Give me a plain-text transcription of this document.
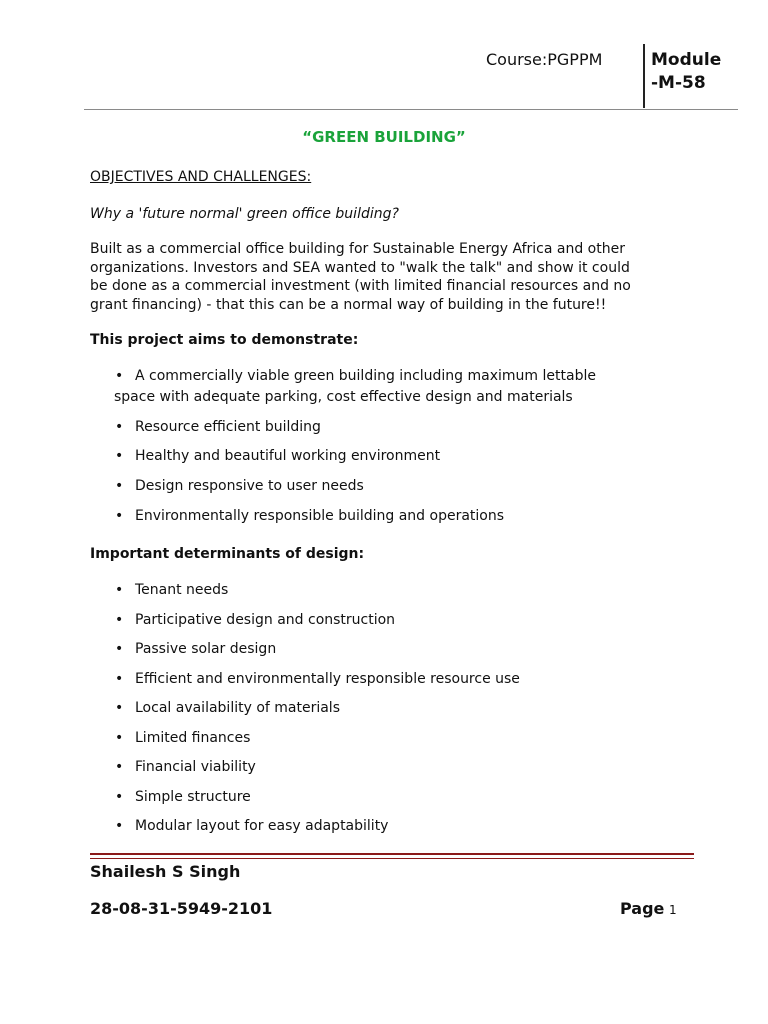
Course:PGPPM	Module
-M-58
“GREEN BUILDING”
OBJECTIVES AND CHALLENGES:
Why a 'future normal' green office building?
Built as a commercial office building for Sustainable Energy Africa and other
organizations. Investors and SEA wanted to "walk the talk" and show it could
be done as a commercial investment (with limited financial resources and no
grant financing) - that this can be a normal way of building in the future!!
This project aims to demonstrate:
• A commercially viable green building including maximum lettable
space with adequate parking, cost effective design and materials
• Resource efficient building
• Healthy and beautiful working environment
• Design responsive to user needs
• Environmentally responsible building and operations
Important determinants of design:
• Tenant needs
• Participative design and construction
• Passive solar design
• Efficient and environmentally responsible resource use
• Local availability of materials
• Limited finances
• Financial viability
• Simple structure
• Modular layout for easy adaptability
Shailesh S Singh
28-08-31-5949-2101	Page 1
